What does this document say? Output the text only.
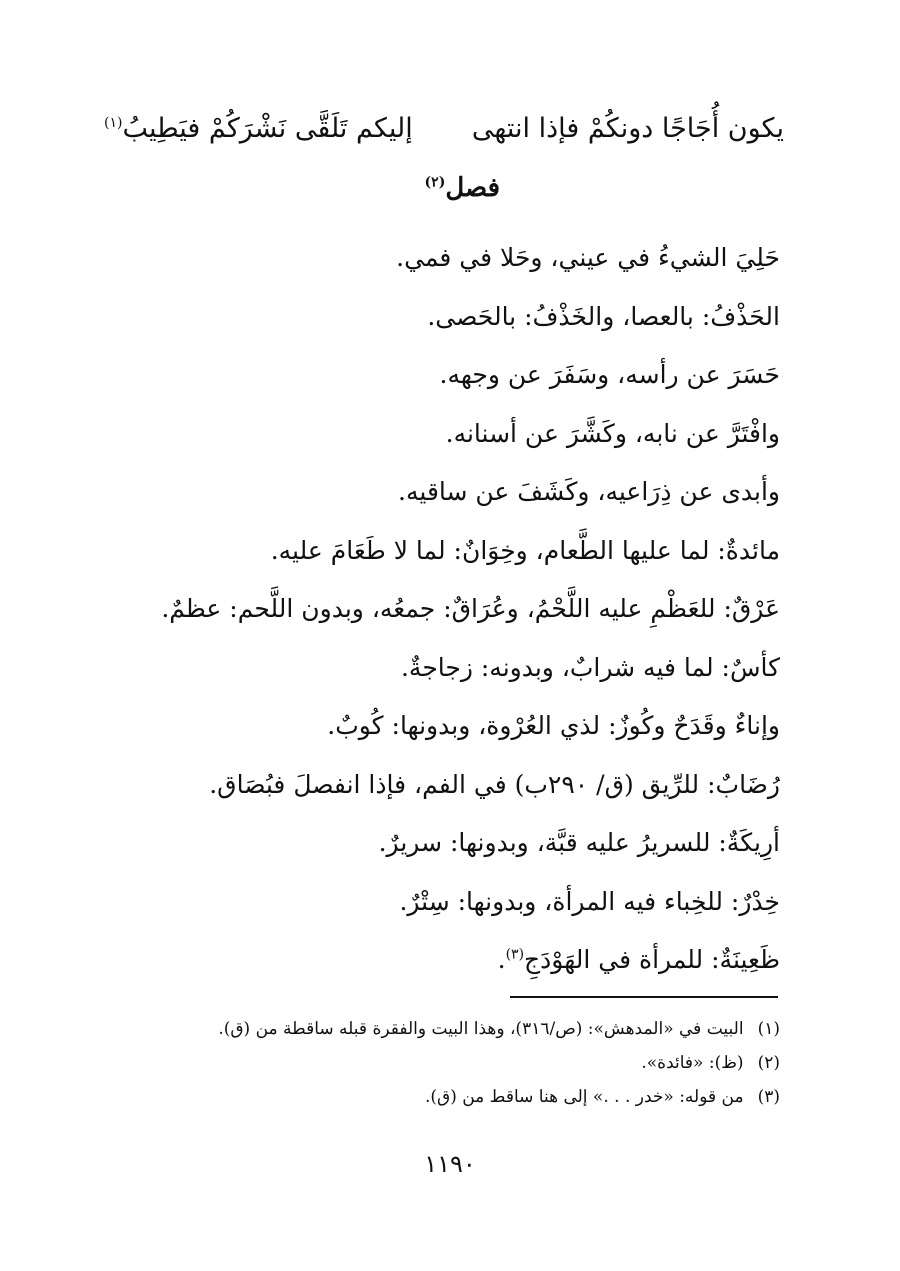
يكون أُجَاجًا دونكُمْ فإذا انتهى
إليكم تَلَقَّى نَشْرَكُمْ فيَطِيبُ$^{(١)}$
فصل$^{(٢)}$
حَلِيَ الشيءُ في عيني، وحَلا في فمي.
الحَذْفُ: بالعصا، والخَذْفُ: بالحَصى.
حَسَرَ عن رأسه، وسَفَرَ عن وجهه.
وافْتَرَّ عن نابه، وكَشَّرَ عن أسنانه.
وأبدى عن ذِرَاعيه، وكَشَفَ عن ساقيه.
مائدةٌ: لما عليها الطَّعام، وخِوَانٌ: لما لا طَعَامَ عليه.
عَرْقٌ: للعَظْمِ عليه اللَّحْمُ، وعُرَاقٌ: جمعُه، وبدون اللَّحم: عظمٌ.
كأسٌ: لما فيه شرابٌ، وبدونه: زجاجةٌ.
وإناءٌ وقَدَحٌ وكُوزٌ: لذي العُرْوة، وبدونها: كُوبٌ.
رُضَابٌ: للرِّيق (ق/ ٢٩٠ب) في الفم، فإذا انفصلَ فبُصَاق.
أرِيكَةٌ: للسريرُ عليه قبَّة، وبدونها: سريرٌ.
خِدْرٌ: للخِباء فيه المرأة، وبدونها: سِتْرٌ.
ظَعِينَةٌ: للمرأة في الهَوْدَجِ$^{(٣)}$.
(١)البيت في «المدهش»: (ص/٣١٦)، وهذا البيت والفقرة قبله ساقطة من (ق).
(٢)(ظ): «فائدة».
(٣)من قوله: «خدر . . .» إلى هنا ساقط من (ق).
١١٩٠
